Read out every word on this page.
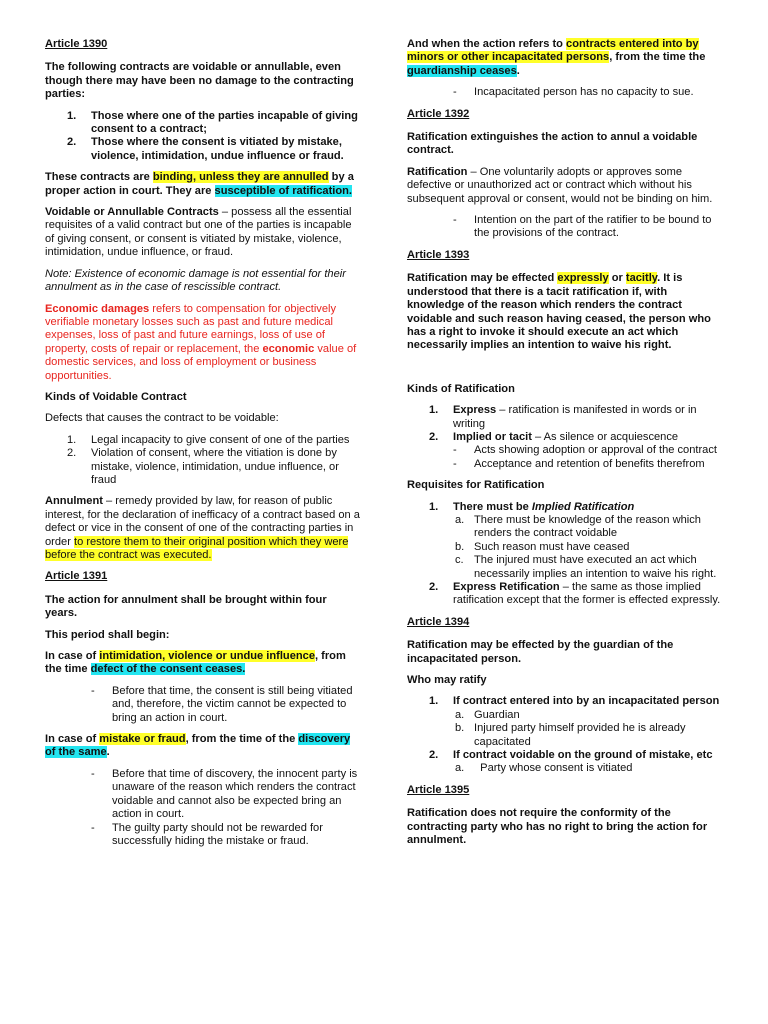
Article 1390

The following contracts are voidable or annullable, even though there may have been no damage to the contracting parties:

1. Those where one of the parties incapable of giving consent to a contract;
2. Those where the consent is vitiated by mistake, violence, intimidation, undue influence or fraud.

These contracts are binding, unless they are annulled by a proper action in court. They are susceptible of ratification.

Voidable or Annullable Contracts – possess all the essential requisites of a valid contract but one of the parties is incapable of giving consent, or consent is vitiated by mistake, violence, intimidation, undue influence, or fraud.

Note: Existence of economic damage is not essential for their annulment as in the case of rescissible contract.

Economic damages refers to compensation for objectively verifiable monetary losses such as past and future medical expenses, loss of past and future earnings, loss of use of property, costs of repair or replacement, the economic value of domestic services, and loss of employment or business opportunities.

Kinds of Voidable Contract

Defects that causes the contract to be voidable:

1. Legal incapacity to give consent of one of the parties
2. Violation of consent, where the vitiation is done by mistake, violence, intimidation, undue influence, or fraud

Annulment – remedy provided by law, for reason of public interest, for the declaration of inefficacy of a contract based on a defect or vice in the consent of one of the contracting parties in order to restore them to their original position which they were before the contract was executed.

Article 1391

The action for annulment shall be brought within four years.

This period shall begin:

In case of intimidation, violence or undue influence, from the time defect of the consent ceases.

- Before that time, the consent is still being vitiated and, therefore, the victim cannot be expected to bring an action in court.

In case of mistake or fraud, from the time of the discovery of the same.

- Before that time of discovery, the innocent party is unaware of the reason which renders the contract voidable and cannot also be expected bring an action in court.
- The guilty party should not be rewarded for successfully hiding the mistake or fraud.

And when the action refers to contracts entered into by minors or other incapacitated persons, from the time the guardianship ceases.

- Incapacitated person has no capacity to sue.

Article 1392

Ratification extinguishes the action to annul a voidable contract.

Ratification – One voluntarily adopts or approves some defective or unauthorized act or contract which without his subsequent approval or consent, would not be binding on him.

- Intention on the part of the ratifier to be bound to the provisions of the contract.

Article 1393

Ratification may be effected expressly or tacitly. It is understood that there is a tacit ratification if, with knowledge of the reason which renders the contract voidable and such reason having ceased, the person who has a right to invoke it should execute an act which necessarily implies an intention to waive his right.

Kinds of Ratification

1. Express – ratification is manifested in words or in writing
2. Implied or tacit – As silence or acquiescence
- Acts showing adoption or approval of the contract
- Acceptance and retention of benefits therefrom

Requisites for Ratification

1. There must be Implied Ratification
a. There must be knowledge of the reason which renders the contract voidable
b. Such reason must have ceased
c. The injured must have executed an act which necessarily implies an intention to waive his right.
2. Express Retification – the same as those implied ratification except that the former is effected expressly.

Article 1394

Ratification may be effected by the guardian of the incapacitated person.

Who may ratify

1. If contract entered into by an incapacitated person
a. Guardian
b. Injured party himself provided he is already capacitated
2. If contract voidable on the ground of mistake, etc
a. Party whose consent is vitiated

Article 1395

Ratification does not require the conformity of the contracting party who has no right to bring the action for annulment.
